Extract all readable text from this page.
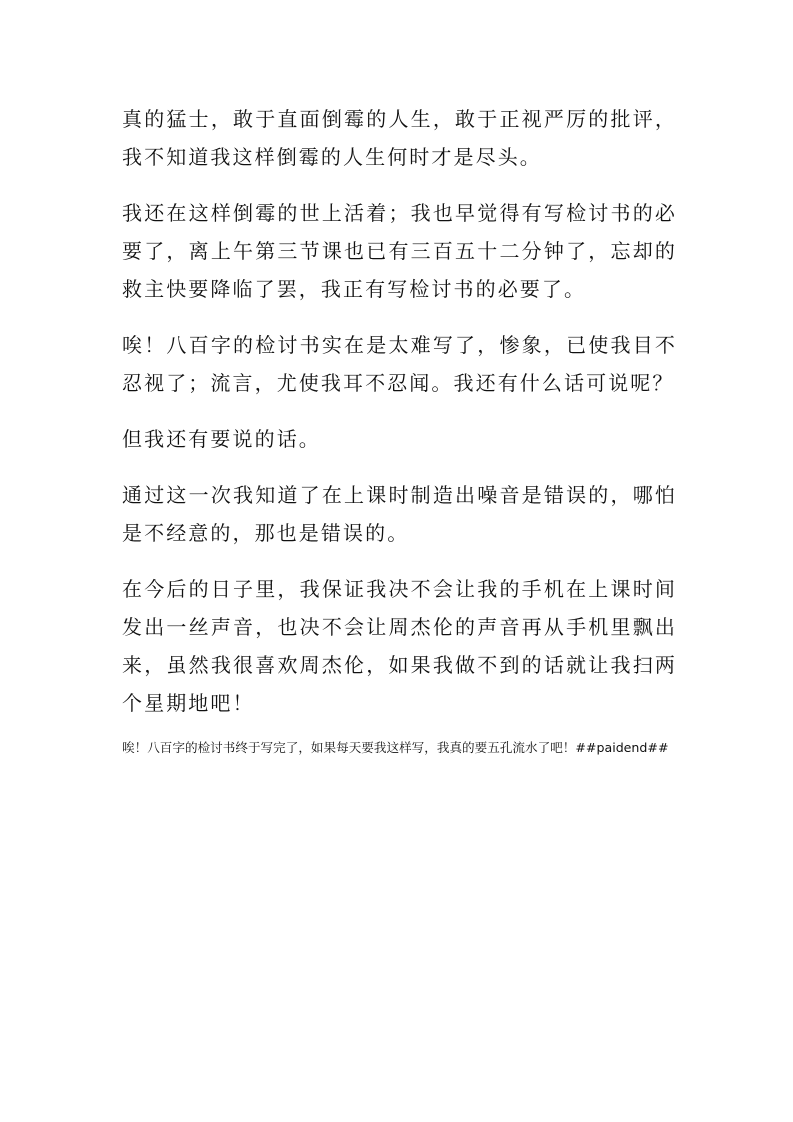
真的猛士，敢于直面倒霉的人生，敢于正视严厉的批评，我不知道我这样倒霉的人生何时才是尽头。

我还在这样倒霉的世上活着；我也早觉得有写检讨书的必要了，离上午第三节课也已有三百五十二分钟了，忘却的救主快要降临了罢，我正有写检讨书的必要了。

唉！八百字的检讨书实在是太难写了，惨象，已使我目不忍视了；流言，尤使我耳不忍闻。我还有什么话可说呢？

但我还有要说的话。

通过这一次我知道了在上课时制造出噪音是错误的，哪怕是不经意的，那也是错误的。

在今后的日子里，我保证我决不会让我的手机在上课时间发出一丝声音，也决不会让周杰伦的声音再从手机里飘出来，虽然我很喜欢周杰伦，如果我做不到的话就让我扫两个星期地吧！

唉！八百字的检讨书终于写完了，如果每天要我这样写，我真的要五孔流水了吧！##paidend##
